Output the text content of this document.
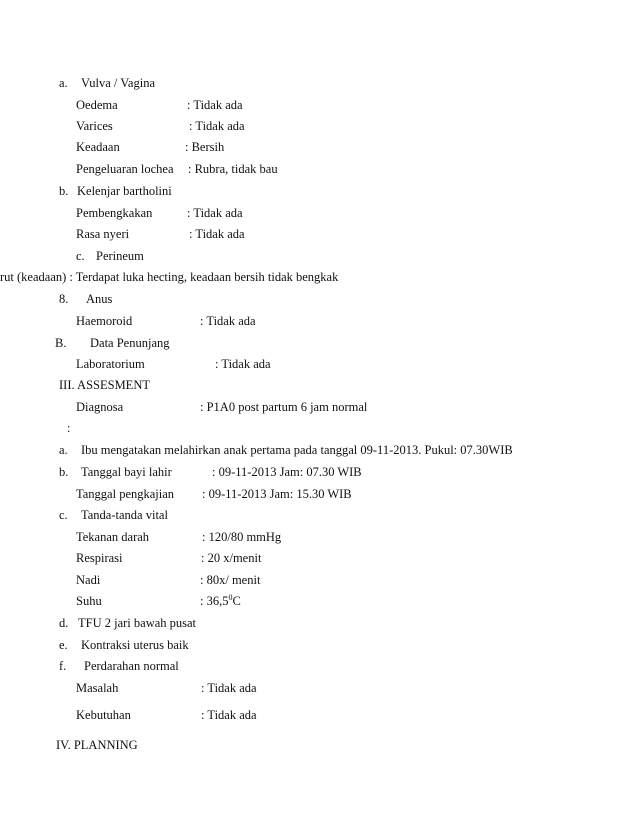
a. Vulva / Vagina
Oedema	: Tidak ada
Varices	: Tidak ada
Keadaan	: Bersih
Pengeluaran lochea : Rubra, tidak bau
b. Kelenjar bartholini
Pembengkakan	: Tidak ada
Rasa nyeri	: Tidak ada
c. Perineum
rut (keadaan) : Terdapat luka hecting, keadaan bersih tidak bengkak
8. Anus
Haemoroid	: Tidak ada
B. Data Penunjang
Laboratorium	: Tidak ada
III. ASSESMENT
Diagnosa	: P1A0 post partum 6 jam normal
:
a. Ibu mengatakan melahirkan anak pertama pada tanggal 09-11-2013. Pukul: 07.30WIB
b. Tanggal bayi lahir	: 09-11-2013 Jam: 07.30 WIB
Tanggal pengkajian : 09-11-2013 Jam: 15.30 WIB
c. Tanda-tanda vital
Tekanan darah	: 120/80 mmHg
Respirasi	: 20 x/menit
Nadi	: 80x/ menit
Suhu	: 36,5$^0$C
d. TFU 2 jari bawah pusat
e. Kontraksi uterus baik
f. Perdarahan normal
Masalah	: Tidak ada
Kebutuhan	: Tidak ada
IV. PLANNING
